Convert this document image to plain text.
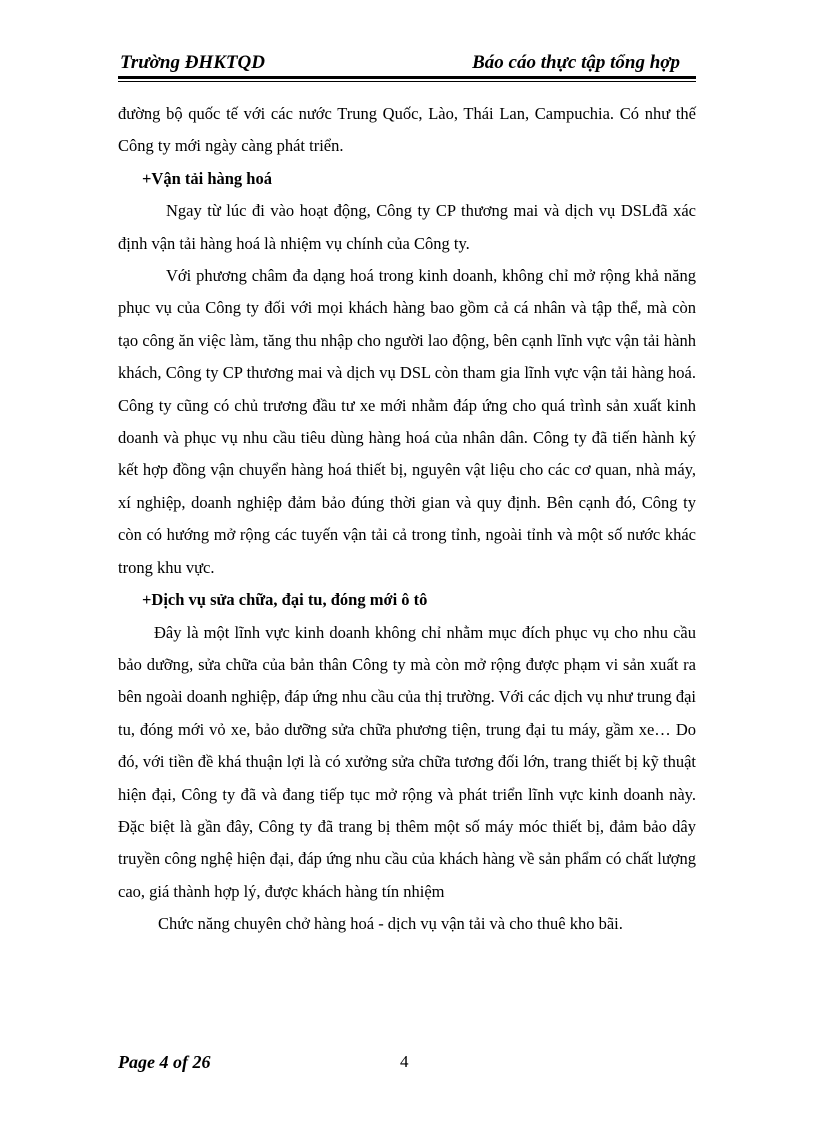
Trường ĐHKTQD	Báo cáo thực tập tổng hợp

đường bộ quốc tế với các nước Trung Quốc, Lào, Thái Lan, Campuchia. Có như thế Công ty mới ngày càng phát triển.

+Vận tải hàng hoá

Ngay từ lúc đi vào hoạt động, Công ty CP thương mai và dịch vụ DSLđã xác định vận tải hàng hoá là nhiệm vụ chính của Công ty.

Với phương châm đa dạng hoá trong kinh doanh, không chỉ mở rộng khả năng phục vụ của Công ty đối với mọi khách hàng bao gồm cả cá nhân và tập thể, mà còn tạo công ăn việc làm, tăng thu nhập cho người lao động, bên cạnh lĩnh vực vận tải hành khách, Công ty CP thương mai và dịch vụ DSL còn tham gia lĩnh vực vận tải hàng hoá. Công ty cũng có chủ trương đầu tư xe mới nhằm đáp ứng cho quá trình sản xuất kinh doanh và phục vụ nhu cầu tiêu dùng hàng hoá của nhân dân. Công ty đã tiến hành ký kết hợp đồng vận chuyển hàng hoá thiết bị, nguyên vật liệu cho các cơ quan, nhà máy, xí nghiệp, doanh nghiệp đảm bảo đúng thời gian và quy định. Bên cạnh đó, Công ty còn có hướng mở rộng các tuyến vận tải cả trong tỉnh, ngoài tỉnh và một số nước khác trong khu vực.

+Dịch vụ sửa chữa, đại tu, đóng mới ô tô

Đây là một lĩnh vực kinh doanh không chỉ nhằm mục đích phục vụ cho nhu cầu bảo dưỡng, sửa chữa của bản thân Công ty mà còn mở rộng được phạm vi sản xuất ra bên ngoài doanh nghiệp, đáp ứng nhu cầu của thị trường. Với các dịch vụ như trung đại tu, đóng mới vỏ xe, bảo dưỡng sửa chữa phương tiện, trung đại tu máy, gầm xe… Do đó, với tiền đề khá thuận lợi là có xưởng sửa chữa tương đối lớn, trang thiết bị kỹ thuật hiện đại, Công ty đã và đang tiếp tục mở rộng và phát triển lĩnh vực kinh doanh này. Đặc biệt là gần đây, Công ty đã trang bị thêm một số máy móc thiết bị, đảm bảo dây truyền công nghệ hiện đại, đáp ứng nhu cầu của khách hàng về sản phẩm có chất lượng cao, giá thành hợp lý, được khách hàng tín nhiệm

Chức năng chuyên chở hàng hoá - dịch vụ vận tải và cho thuê kho bãi.

Page 4 of 26	4
